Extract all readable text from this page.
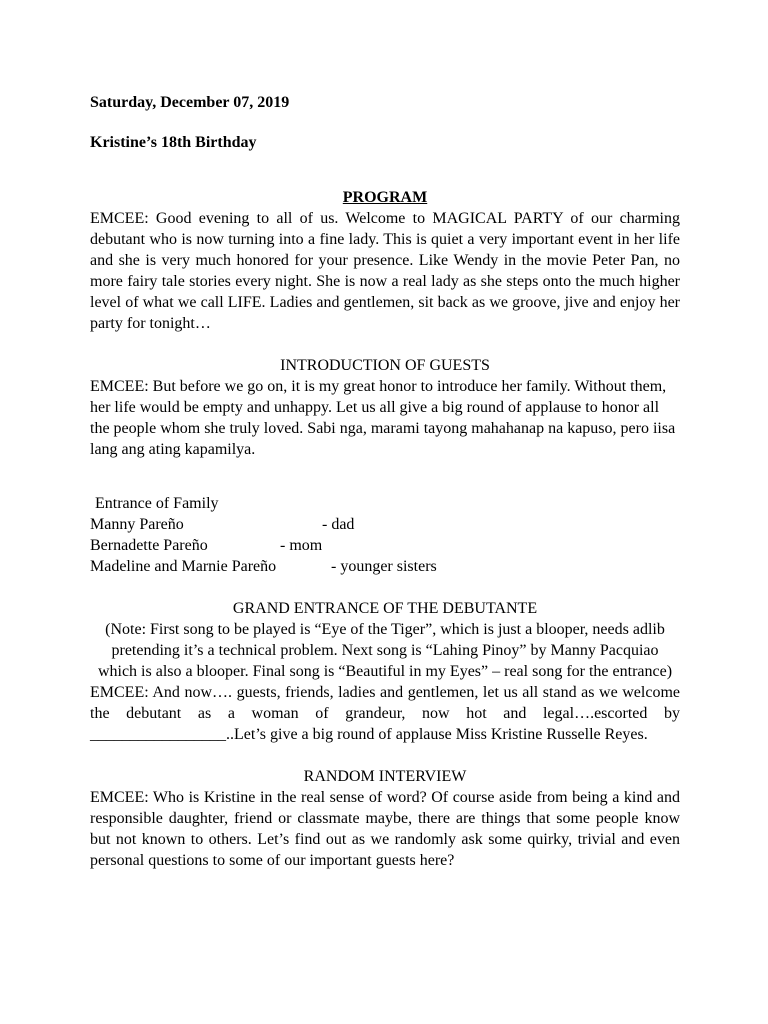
Saturday, December 07, 2019

Kristine’s 18th Birthday

PROGRAM

EMCEE: Good evening to all of us. Welcome to MAGICAL PARTY of our charming debutant who is now turning into a fine lady. This is quiet a very important event in her life and she is very much honored for your presence. Like Wendy in the movie Peter Pan, no more fairy tale stories every night. She is now a real lady as she steps onto the much higher level of what we call LIFE. Ladies and gentlemen, sit back as we groove, jive and enjoy her party for tonight…

INTRODUCTION OF GUESTS

EMCEE: But before we go on, it is my great honor to introduce her family. Without them, her life would be empty and unhappy. Let us all give a big round of applause to honor all the people whom she truly loved. Sabi nga, marami tayong mahahanap na kapuso, pero iisa lang ang ating kapamilya.

Entrance of Family

Manny Pareño	- dad
Bernadette Pareño	- mom
Madeline and Marnie Pareño	- younger sisters

GRAND ENTRANCE OF THE DEBUTANTE

(Note: First song to be played is “Eye of the Tiger”, which is just a blooper, needs adlib pretending it’s a technical problem. Next song is “Lahing Pinoy” by Manny Pacquiao which is also a blooper. Final song is “Beautiful in my Eyes” – real song for the entrance)

EMCEE: And now…. guests, friends, ladies and gentlemen, let us all stand as we welcome the debutant as a woman of grandeur, now hot and legal….escorted by _________________..Let’s give a big round of applause Miss Kristine Russelle Reyes.

RANDOM INTERVIEW

EMCEE: Who is Kristine in the real sense of word? Of course aside from being a kind and responsible daughter, friend or classmate maybe, there are things that some people know but not known to others. Let’s find out as we randomly ask some quirky, trivial and even personal questions to some of our important guests here?
